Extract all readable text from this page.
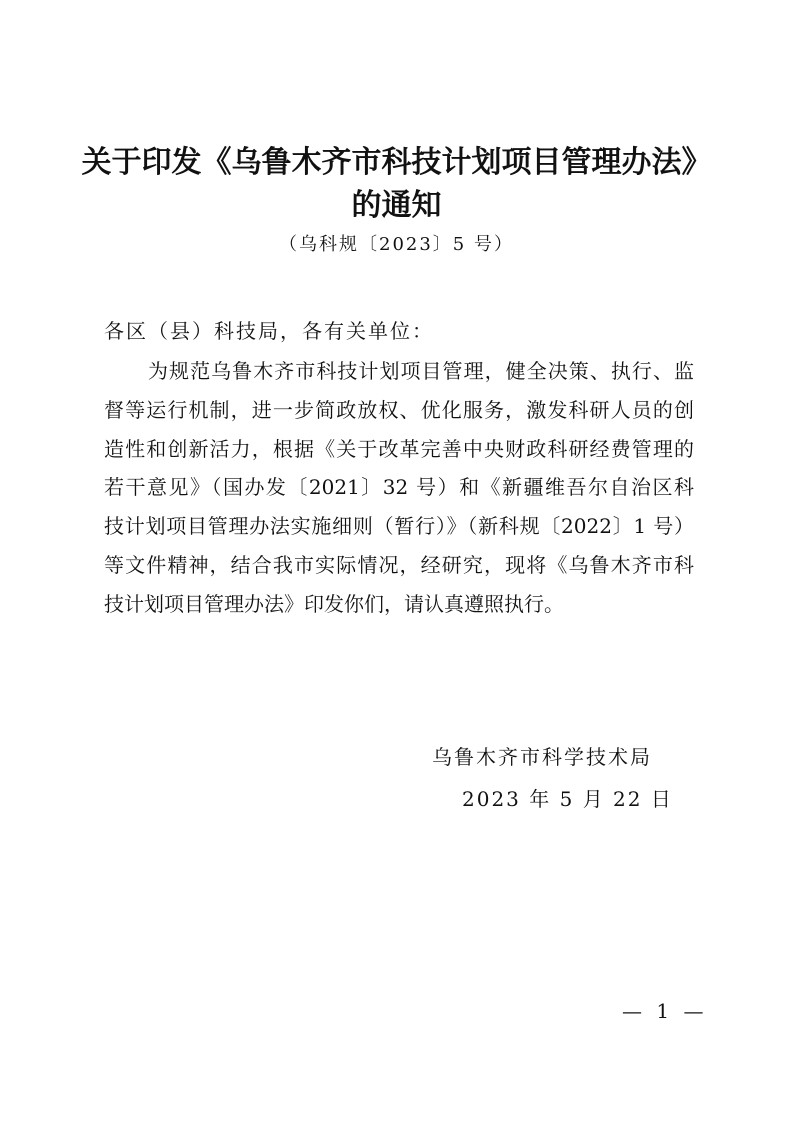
关于印发《乌鲁木齐市科技计划项目管理办法》
的通知
（乌科规〔2023〕5 号）
各区（县）科技局，各有关单位：
为规范乌鲁木齐市科技计划项目管理，健全决策、执行、监
督等运行机制，进一步简政放权、优化服务，激发科研人员的创
造性和创新活力，根据《关于改革完善中央财政科研经费管理的
若干意见》（国办发〔2021〕32 号）和《新疆维吾尔自治区科
技计划项目管理办法实施细则（暂行）》（新科规〔2022〕1 号）
等文件精神，结合我市实际情况，经研究，现将《乌鲁木齐市科
技计划项目管理办法》印发你们，请认真遵照执行。
乌鲁木齐市科学技术局
2023 年 5 月 22 日
— 1 —
